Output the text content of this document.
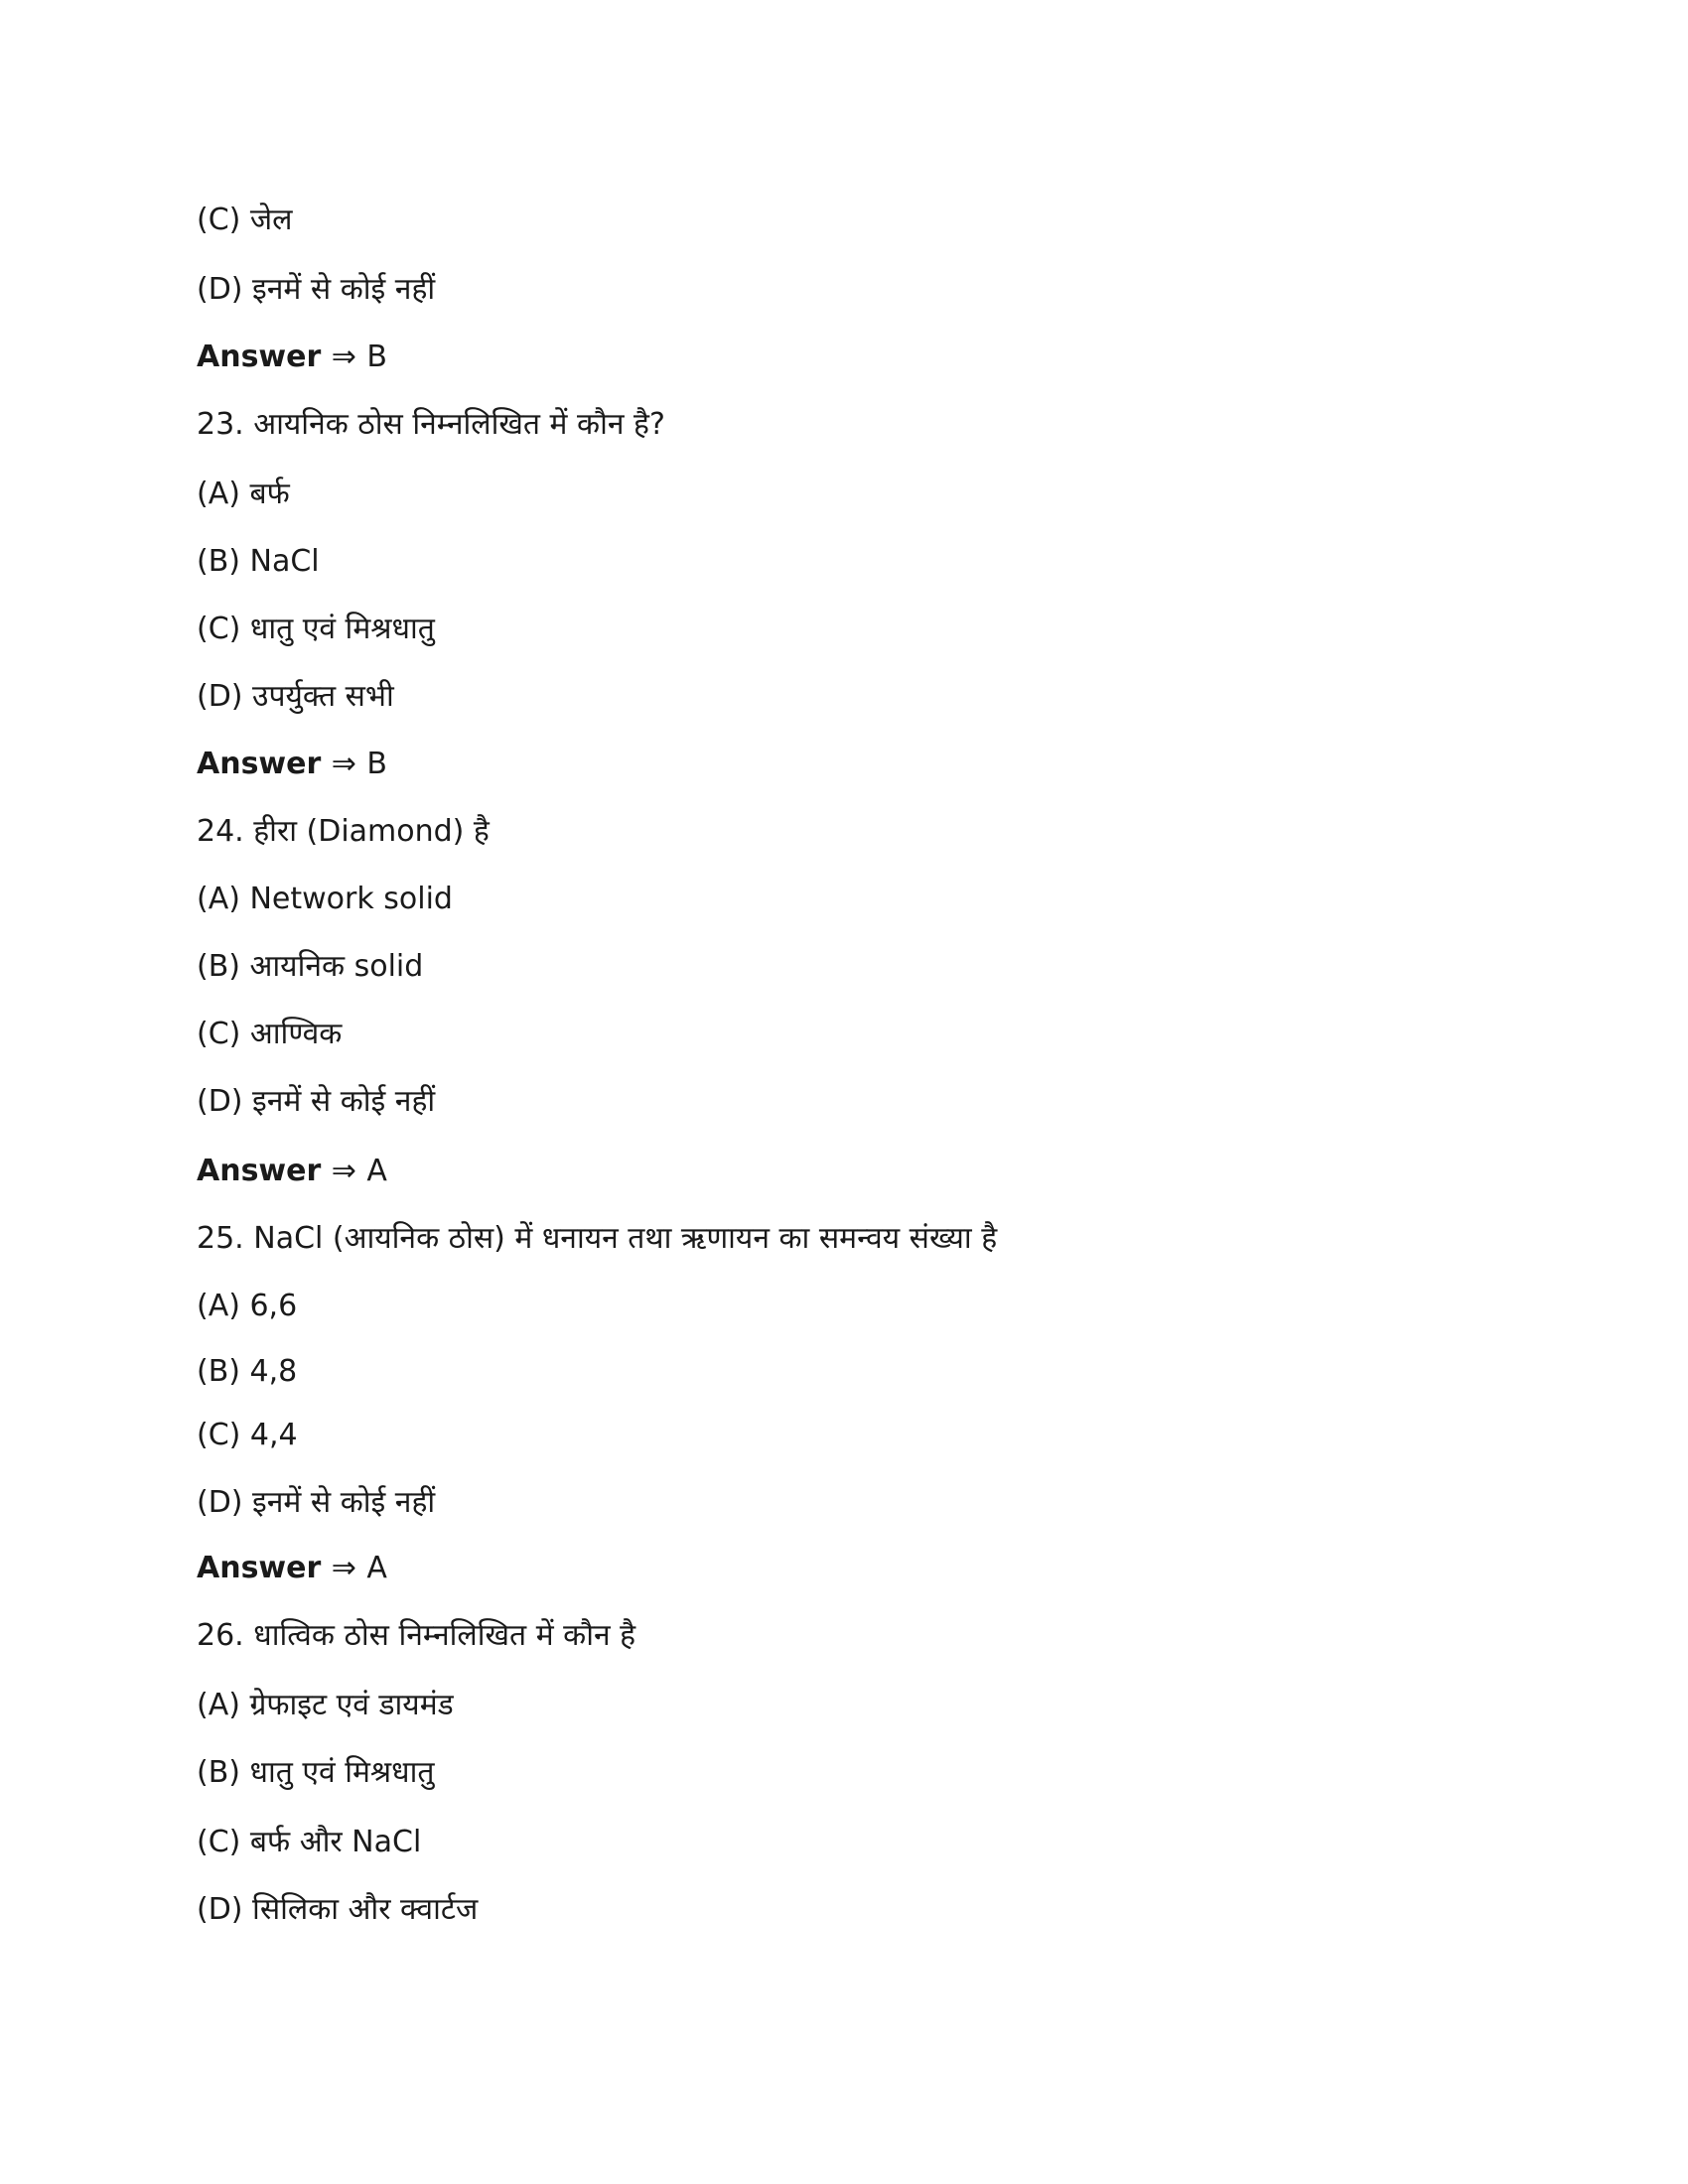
(C) जेल
(D) इनमें से कोई नहीं
Answer ⇒ B
23. आयनिक ठोस निम्नलिखित में कौन है?
(A) बर्फ
(B) NaCl
(C) धातु एवं मिश्रधातु
(D) उपर्युक्त सभी
Answer ⇒ B
24. हीरा (Diamond) है
(A) Network solid
(B) आयनिक solid
(C) आण्विक
(D) इनमें से कोई नहीं
Answer ⇒ A
25. NaCl (आयनिक ठोस) में धनायन तथा ऋणायन का समन्वय संख्या है
(A) 6,6
(B) 4,8
(C) 4,4
(D) इनमें से कोई नहीं
Answer ⇒ A
26. धात्विक ठोस निम्नलिखित में कौन है
(A) ग्रेफाइट एवं डायमंड
(B) धातु एवं मिश्रधातु
(C) बर्फ और NaCl
(D) सिलिका और क्वार्टज
